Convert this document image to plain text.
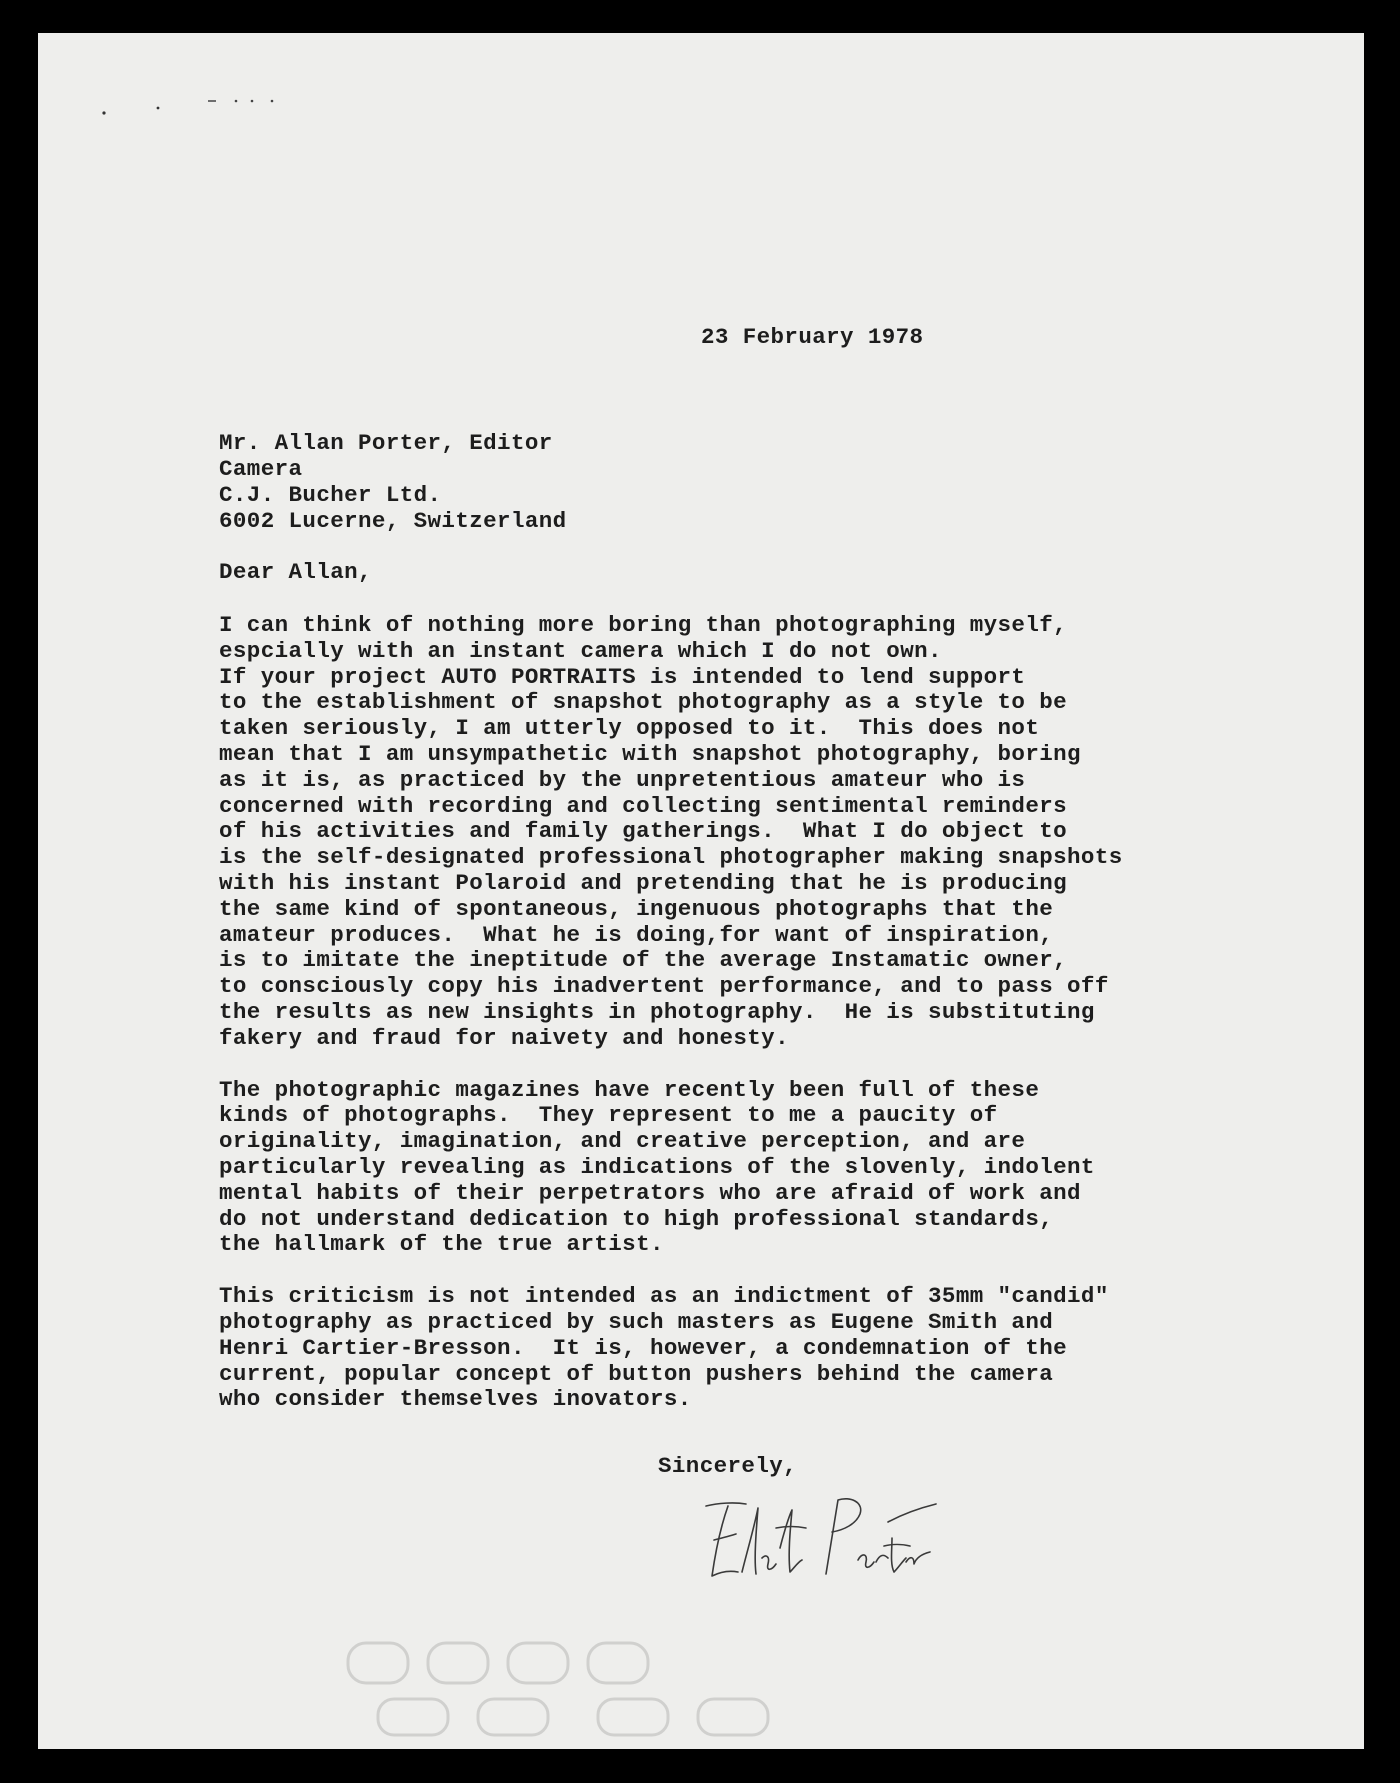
23 February 1978

Mr. Allan Porter, Editor

Camera

C.J. Bucher Ltd.

6002 Lucerne, Switzerland

Dear Allan,

I can think of nothing more boring than photographing myself,
espcially with an instant camera which I do not own.
If your project AUTO PORTRAITS is intended to lend support
to the establishment of snapshot photography as a style to be
taken seriously, I am utterly opposed to it.  This does not
mean that I am unsympathetic with snapshot photography, boring
as it is, as practiced by the unpretentious amateur who is
concerned with recording and collecting sentimental reminders
of his activities and family gatherings.  What I do object to
is the self-designated professional photographer making snapshots
with his instant Polaroid and pretending that he is producing
the same kind of spontaneous, ingenuous photographs that the
amateur produces.  What he is doing,for want of inspiration,
is to imitate the ineptitude of the average Instamatic owner,
to consciously copy his inadvertent performance, and to pass off
the results as new insights in photography.  He is substituting
fakery and fraud for naivety and honesty.
The photographic magazines have recently been full of these
kinds of photographs.  They represent to me a paucity of
originality, imagination, and creative perception, and are
particularly revealing as indications of the slovenly, indolent
mental habits of their perpetrators who are afraid of work and
do not understand dedication to high professional standards,
the hallmark of the true artist.
This criticism is not intended as an indictment of 35mm "candid"
photography as practiced by such masters as Eugene Smith and
Henri Cartier-Bresson.  It is, however, a condemnation of the
current, popular concept of button pushers behind the camera
who consider themselves inovators.

Sincerely,
